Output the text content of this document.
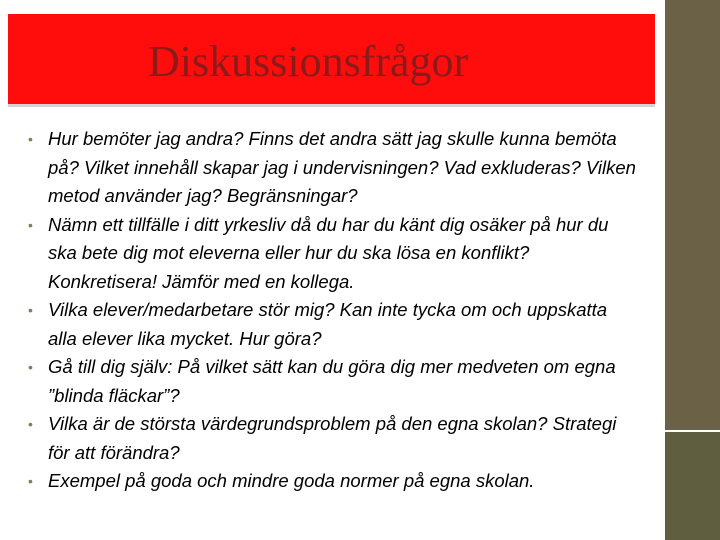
Diskussionsfrågor
• Hur bemöter jag andra? Finns det andra sätt jag skulle kunna bemöta på? Vilket innehåll skapar jag i undervisningen? Vad exkluderas? Vilken metod använder jag? Begränsningar?
• Nämn ett tillfälle i ditt yrkesliv då du har du känt dig osäker på hur du ska bete dig mot eleverna eller hur du ska lösa en konflikt? Konkretisera! Jämför med en kollega.
• Vilka elever/medarbetare stör mig? Kan inte tycka om och uppskatta alla elever lika mycket. Hur göra?
• Gå till dig själv: På vilket sätt kan du göra dig mer medveten om egna ”blinda fläckar”?
• Vilka är de största värdegrundsproblem på den egna skolan? Strategi för att förändra?
• Exempel på goda och mindre goda normer på egna skolan.
